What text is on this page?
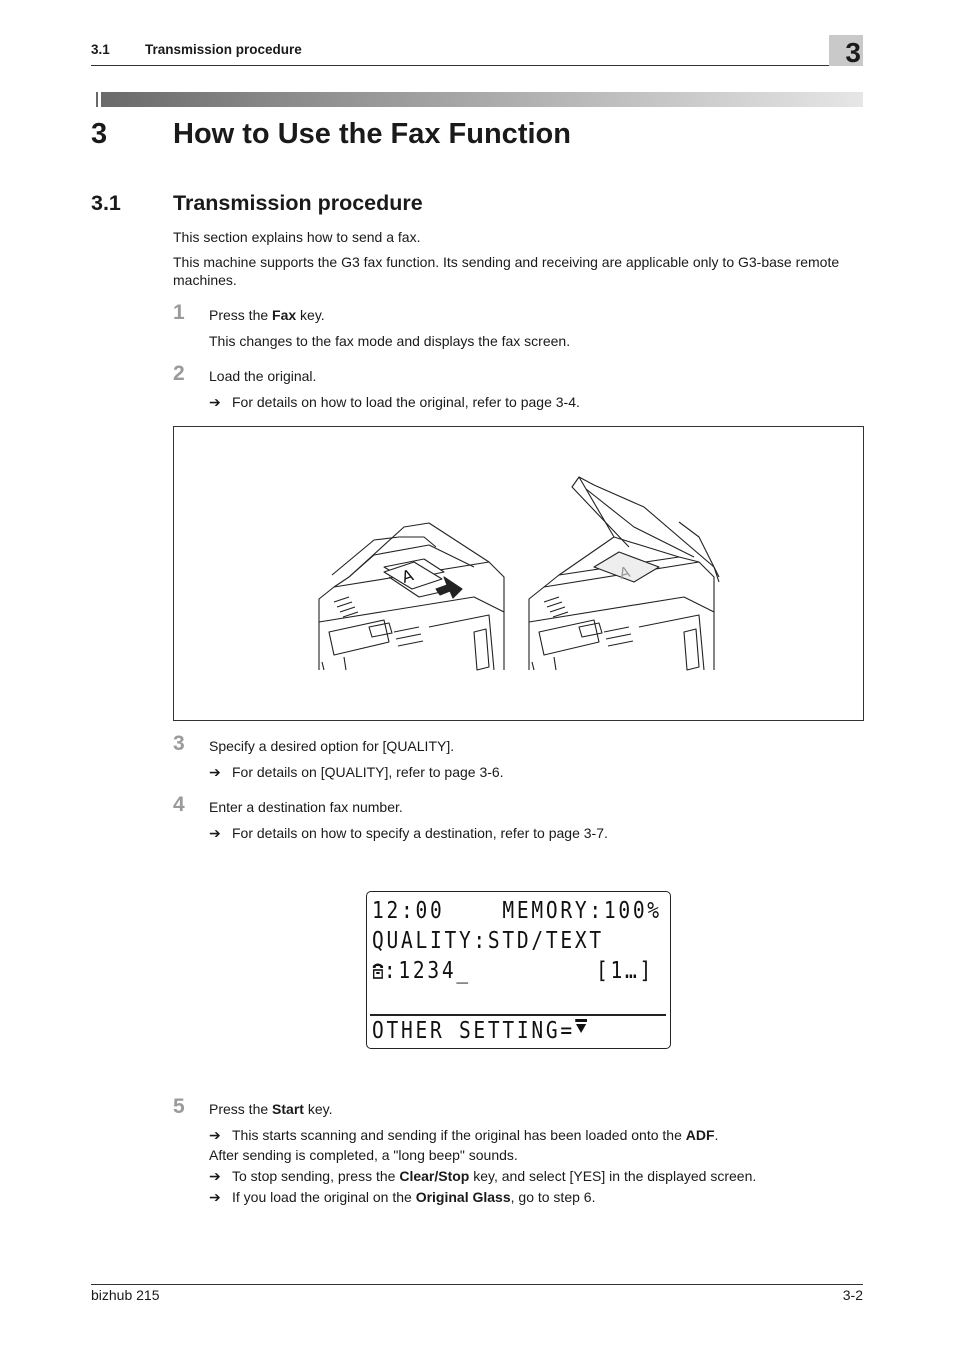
3.1	Transmission procedure	3
3 How to Use the Fax Function
3.1 Transmission procedure
This section explains how to send a fax.
This machine supports the G3 fax function. Its sending and receiving are applicable only to G3-base remote
machines.
1 Press the Fax key.
This changes to the fax mode and displays the fax screen.
2 Load the original.
➔ For details on how to load the original, refer to page 3-4.
A	A
3 Specify a desired option for [QUALITY].
➔ For details on [QUALITY], refer to page 3-6.
4 Enter a destination fax number.
➔ For details on how to specify a destination, refer to page 3-7.
12:00    MEMORY:100%
QUALITY:STD/TEXT
:1234_	[1…]
OTHER SETTING=
5 Press the Start key.
➔ This starts scanning and sending if the original has been loaded onto the ADF.
After sending is completed, a "long beep" sounds.
➔ To stop sending, press the Clear/Stop key, and select [YES] in the displayed screen.
➔ If you load the original on the Original Glass, go to step 6.
bizhub 215	3-2
